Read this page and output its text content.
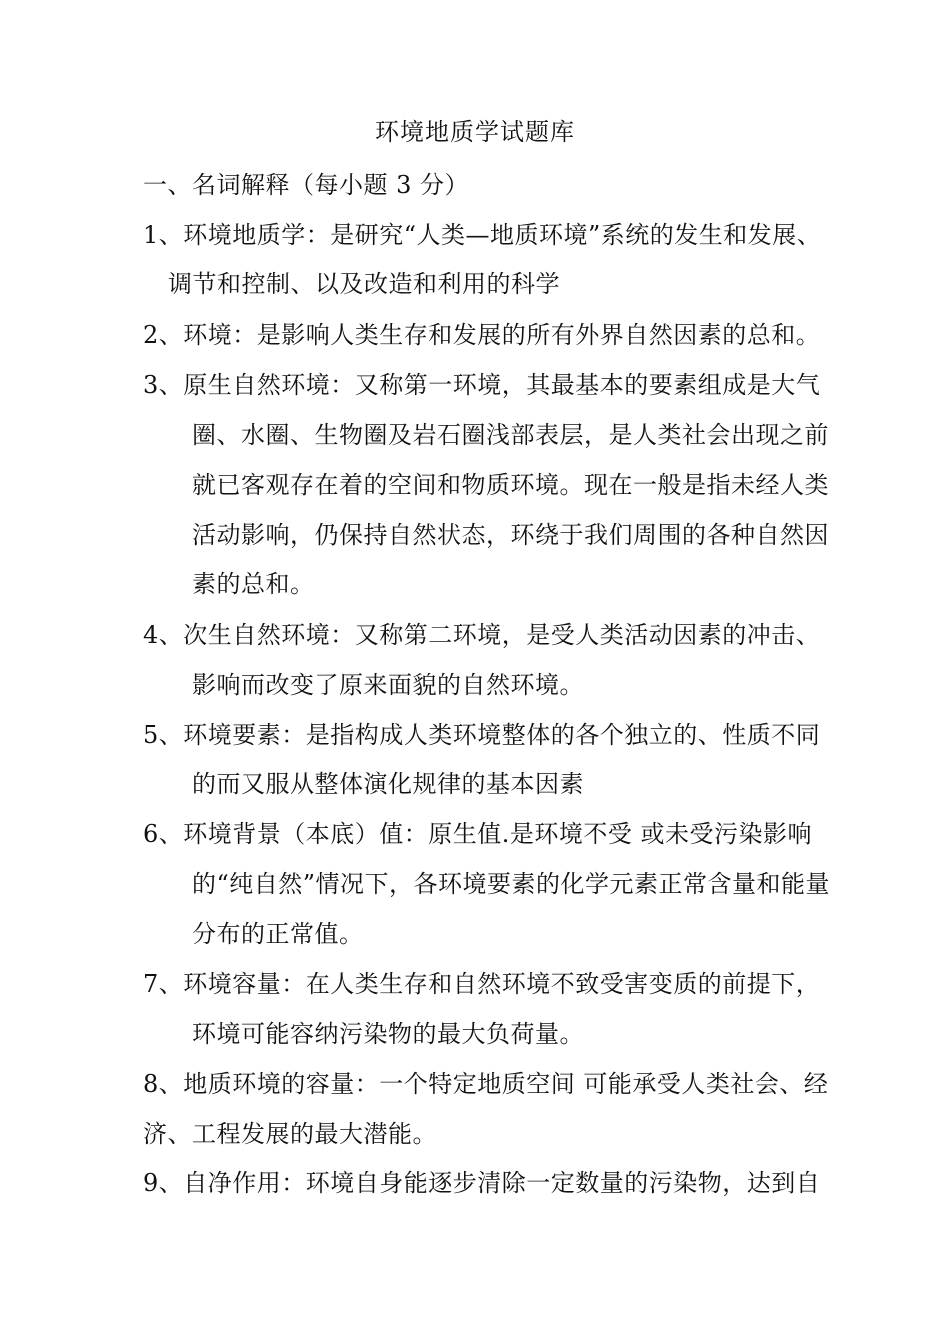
环境地质学试题库
一、名词解释（每小题 3 分）
1、环境地质学：是研究“人类—地质环境”系统的发生和发展、
调节和控制、以及改造和利用的科学
2、环境：是影响人类生存和发展的所有外界自然因素的总和。
3、原生自然环境：又称第一环境，其最基本的要素组成是大气
圈、水圈、生物圈及岩石圈浅部表层，是人类社会出现之前
就已客观存在着的空间和物质环境。现在一般是指未经人类
活动影响，仍保持自然状态，环绕于我们周围的各种自然因
素的总和。
4、次生自然环境：又称第二环境，是受人类活动因素的冲击、
影响而改变了原来面貌的自然环境。
5、环境要素：是指构成人类环境整体的各个独立的、性质不同
的而又服从整体演化规律的基本因素
6、环境背景（本底）值：原生值.是环境不受 或未受污染影响
的“纯自然”情况下，各环境要素的化学元素正常含量和能量
分布的正常值。
7、环境容量：在人类生存和自然环境不致受害变质的前提下，
环境可能容纳污染物的最大负荷量。
8、地质环境的容量：一个特定地质空间 可能承受人类社会、经
济、工程发展的最大潜能。
9、自净作用：环境自身能逐步清除一定数量的污染物，达到自
